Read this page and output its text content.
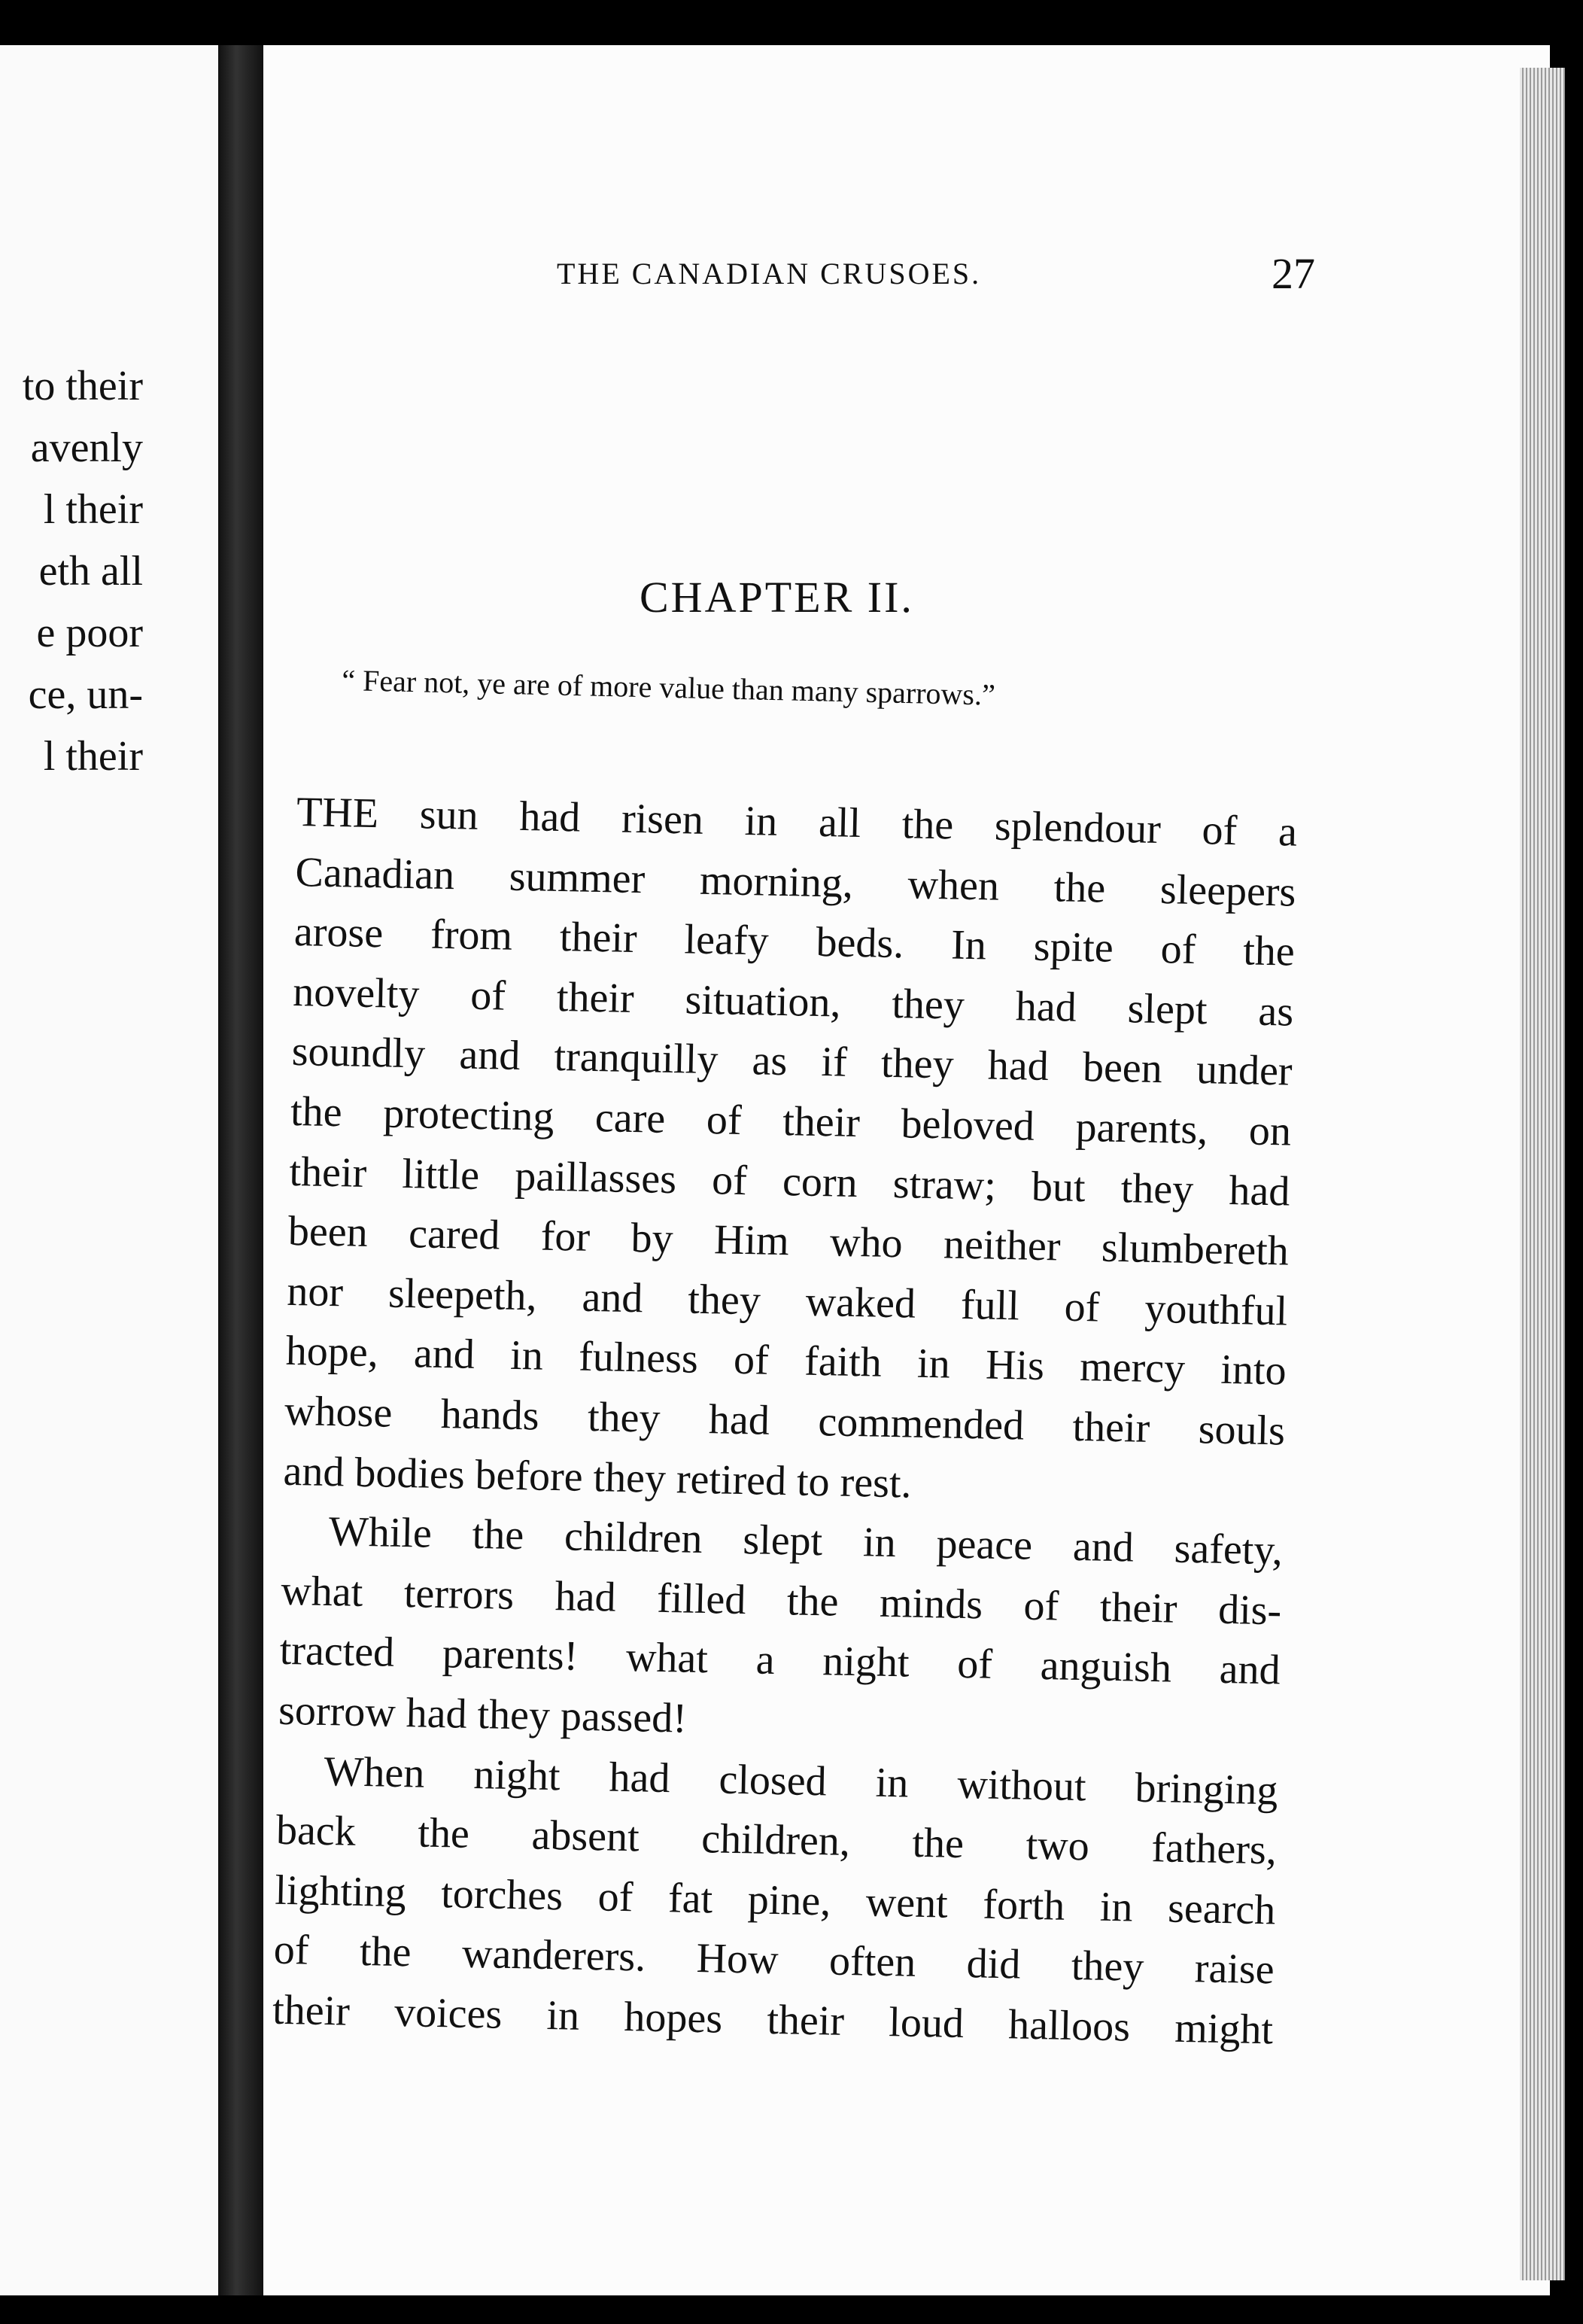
to their
avenly
l their
eth all
e poor
ce, un-
l their
THE CANADIAN CRUSOES.	27
CHAPTER II.
“ Fear not, ye are of more value than many sparrows.”
THE sun had risen in all the splendour of a
Canadian summer morning, when the sleepers
arose from their leafy beds. In spite of the
novelty of their situation, they had slept as
soundly and tranquilly as if they had been under
the protecting care of their beloved parents, on
their little paillasses of corn straw; but they had
been cared for by Him who neither slumbereth
nor sleepeth, and they waked full of youthful
hope, and in fulness of faith in His mercy into
whose hands they had commended their souls
and bodies before they retired to rest.
While the children slept in peace and safety,
what terrors had filled the minds of their dis-
tracted parents! what a night of anguish and
sorrow had they passed!
When night had closed in without bringing
back the absent children, the two fathers,
lighting torches of fat pine, went forth in search
of the wanderers. How often did they raise
their voices in hopes their loud halloos might
